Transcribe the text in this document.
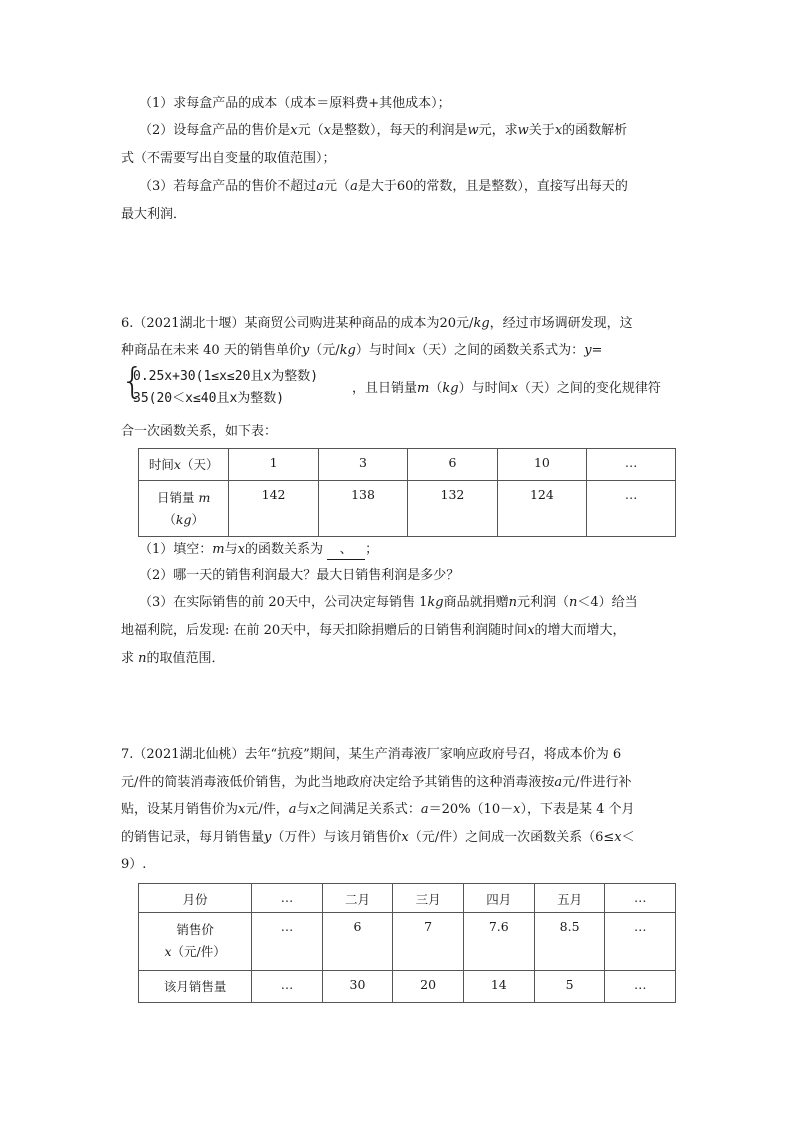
（1）求每盒产品的成本（成本＝原料费+其他成本）；
（2）设每盒产品的售价是x元（x是整数），每天的利润是w元，求w关于x的函数解析
式（不需要写出自变量的取值范围）；
（3）若每盒产品的售价不超过a元（a是大于60的常数，且是整数），直接写出每天的
最大利润．
6.（2021湖北十堰）某商贸公司购进某种商品的成本为20元/kg，经过市场调研发现，这
种商品在未来 40 天的销售单价y（元/kg）与时间x（天）之间的函数关系式为：y=
{
0.25x+30(1≤x≤20且x为整数)
35(20＜x≤40且x为整数)
，且日销量m（kg）与时间x（天）之间的变化规律符
合一次函数关系，如下表：
时间x（天）	1	3	6	10	…
日销量 m
（kg）	142	138	132	124	…
（1）填空：m与x的函数关系为 、 ；
（2）哪一天的销售利润最大？最大日销售利润是多少？
（3）在实际销售的前 20天中，公司决定每销售 1kg商品就捐赠n元利润（n＜4）给当
地福利院，后发现: 在前 20天中，每天扣除捐赠后的日销售利润随时间x的增大而增大，
求 n的取值范围．
7.（2021湖北仙桃）去年“抗疫”期间，某生产消毒液厂家响应政府号召，将成本价为 6
元/件的简装消毒液低价销售，为此当地政府决定给予其销售的这种消毒液按a元/件进行补
贴，设某月销售价为x元/件，a与x之间满足关系式：a＝20%（10－x），下表是某 4 个月
的销售记录，每月销售量y（万件）与该月销售价x（元/件）之间成一次函数关系（6≤x＜
9）.
月份	…	二月	三月	四月	五月	…
销售价
x（元/件）	…	6	7	7.6	8.5	…
该月销售量	…	30	20	14	5	…
